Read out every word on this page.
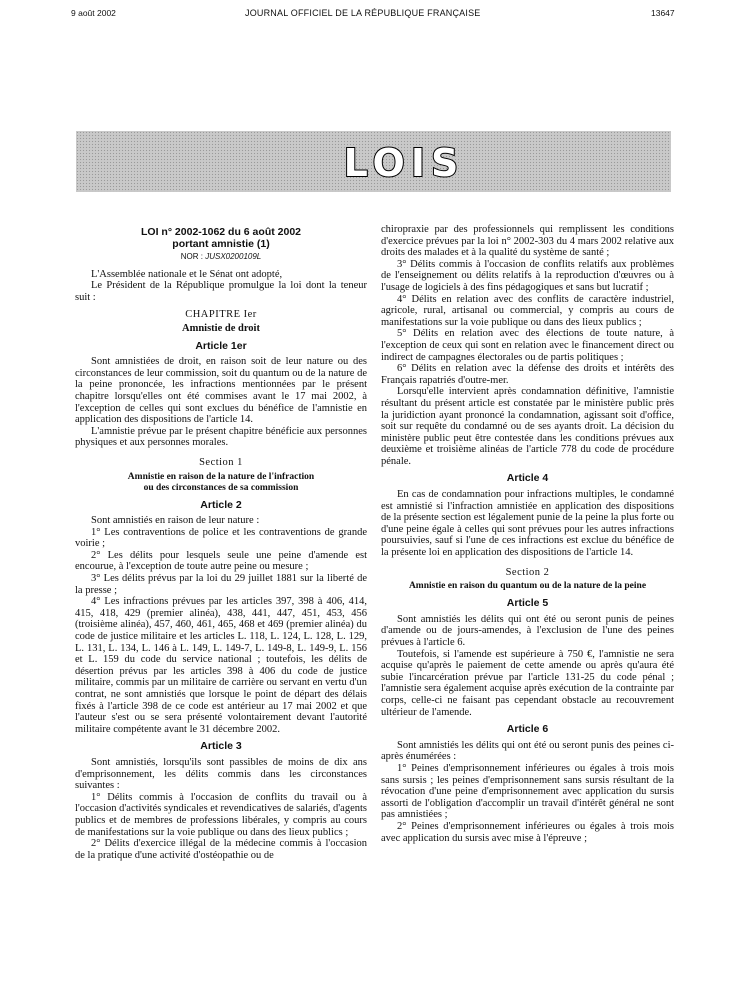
9 août 2002	JOURNAL OFFICIEL DE LA RÉPUBLIQUE FRANÇAISE	13647
LOIS
LOI n° 2002-1062 du 6 août 2002
portant amnistie (1)
NOR : JUSX0200109L

L'Assemblée nationale et le Sénat ont adopté,

Le Président de la République promulgue la loi dont la teneur suit :

CHAPITRE Ier
Amnistie de droit
Article 1er

Sont amnistiées de droit, en raison soit de leur nature ou des circonstances de leur commission, soit du quantum ou de la nature de la peine prononcée, les infractions mentionnées par le présent chapitre lorsqu'elles ont été commises avant le 17 mai 2002, à l'exception de celles qui sont exclues du bénéfice de l'amnistie en application des dispositions de l'article 14.

L'amnistie prévue par le présent chapitre bénéficie aux personnes physiques et aux personnes morales.

Section 1
Amnistie en raison de la nature de l'infraction
ou des circonstances de sa commission
Article 2

Sont amnistiés en raison de leur nature :

1° Les contraventions de police et les contraventions de grande voirie ;

2° Les délits pour lesquels seule une peine d'amende est encourue, à l'exception de toute autre peine ou mesure ;

3° Les délits prévus par la loi du 29 juillet 1881 sur la liberté de la presse ;

4° Les infractions prévues par les articles 397, 398 à 406, 414, 415, 418, 429 (premier alinéa), 438, 441, 447, 451, 453, 456 (troisième alinéa), 457, 460, 461, 465, 468 et 469 (premier alinéa) du code de justice militaire et les articles L. 118, L. 124, L. 128, L. 129, L. 131, L. 134, L. 146 à L. 149, L. 149-7, L. 149-8, L. 149-9, L. 156 et L. 159 du code du service national ; toutefois, les délits de désertion prévus par les articles 398 à 406 du code de justice militaire, commis par un militaire de carrière ou servant en vertu d'un contrat, ne sont amnistiés que lorsque le point de départ des délais fixés à l'article 398 de ce code est antérieur au 17 mai 2002 et que l'auteur s'est ou se sera présenté volontairement devant l'autorité militaire compétente avant le 31 décembre 2002.

Article 3

Sont amnistiés, lorsqu'ils sont passibles de moins de dix ans d'emprisonnement, les délits commis dans les circonstances suivantes :

1° Délits commis à l'occasion de conflits du travail ou à l'occasion d'activités syndicales et revendicatives de salariés, d'agents publics et de membres de professions libérales, y compris au cours de manifestations sur la voie publique ou dans des lieux publics ;

2° Délits d'exercice illégal de la médecine commis à l'occasion de la pratique d'une activité d'ostéopathie ou de

chiropraxie par des professionnels qui remplissent les conditions d'exercice prévues par la loi n° 2002-303 du 4 mars 2002 relative aux droits des malades et à la qualité du système de santé ;

3° Délits commis à l'occasion de conflits relatifs aux problèmes de l'enseignement ou délits relatifs à la reproduction d'œuvres ou à l'usage de logiciels à des fins pédagogiques et sans but lucratif ;

4° Délits en relation avec des conflits de caractère industriel, agricole, rural, artisanal ou commercial, y compris au cours de manifestations sur la voie publique ou dans des lieux publics ;

5° Délits en relation avec des élections de toute nature, à l'exception de ceux qui sont en relation avec le financement direct ou indirect de campagnes électorales ou de partis politiques ;

6° Délits en relation avec la défense des droits et intérêts des Français rapatriés d'outre-mer.

Lorsqu'elle intervient après condamnation définitive, l'amnistie résultant du présent article est constatée par le ministère public près la juridiction ayant prononcé la condamnation, agissant soit d'office, soit sur requête du condamné ou de ses ayants droit. La décision du ministère public peut être contestée dans les conditions prévues aux deuxième et troisième alinéas de l'article 778 du code de procédure pénale.

Article 4

En cas de condamnation pour infractions multiples, le condamné est amnistié si l'infraction amnistiée en application des dispositions de la présente section est légalement punie de la peine la plus forte ou d'une peine égale à celles qui sont prévues pour les autres infractions poursuivies, sauf si l'une de ces infractions est exclue du bénéfice de la présente loi en application des dispositions de l'article 14.

Section 2
Amnistie en raison du quantum ou de la nature de la peine
Article 5

Sont amnistiés les délits qui ont été ou seront punis de peines d'amende ou de jours-amendes, à l'exclusion de l'une des peines prévues à l'article 6.

Toutefois, si l'amende est supérieure à 750 €, l'amnistie ne sera acquise qu'après le paiement de cette amende ou après qu'aura été subie l'incarcération prévue par l'article 131-25 du code pénal ; l'amnistie sera également acquise après exécution de la contrainte par corps, celle-ci ne faisant pas cependant obstacle au recouvrement ultérieur de l'amende.

Article 6

Sont amnistiés les délits qui ont été ou seront punis des peines ci-après énumérées :

1° Peines d'emprisonnement inférieures ou égales à trois mois sans sursis ; les peines d'emprisonnement sans sursis résultant de la révocation d'une peine d'emprisonnement avec application du sursis assorti de l'obligation d'accomplir un travail d'intérêt général ne sont pas amnistiées ;

2° Peines d'emprisonnement inférieures ou égales à trois mois avec application du sursis avec mise à l'épreuve ;
